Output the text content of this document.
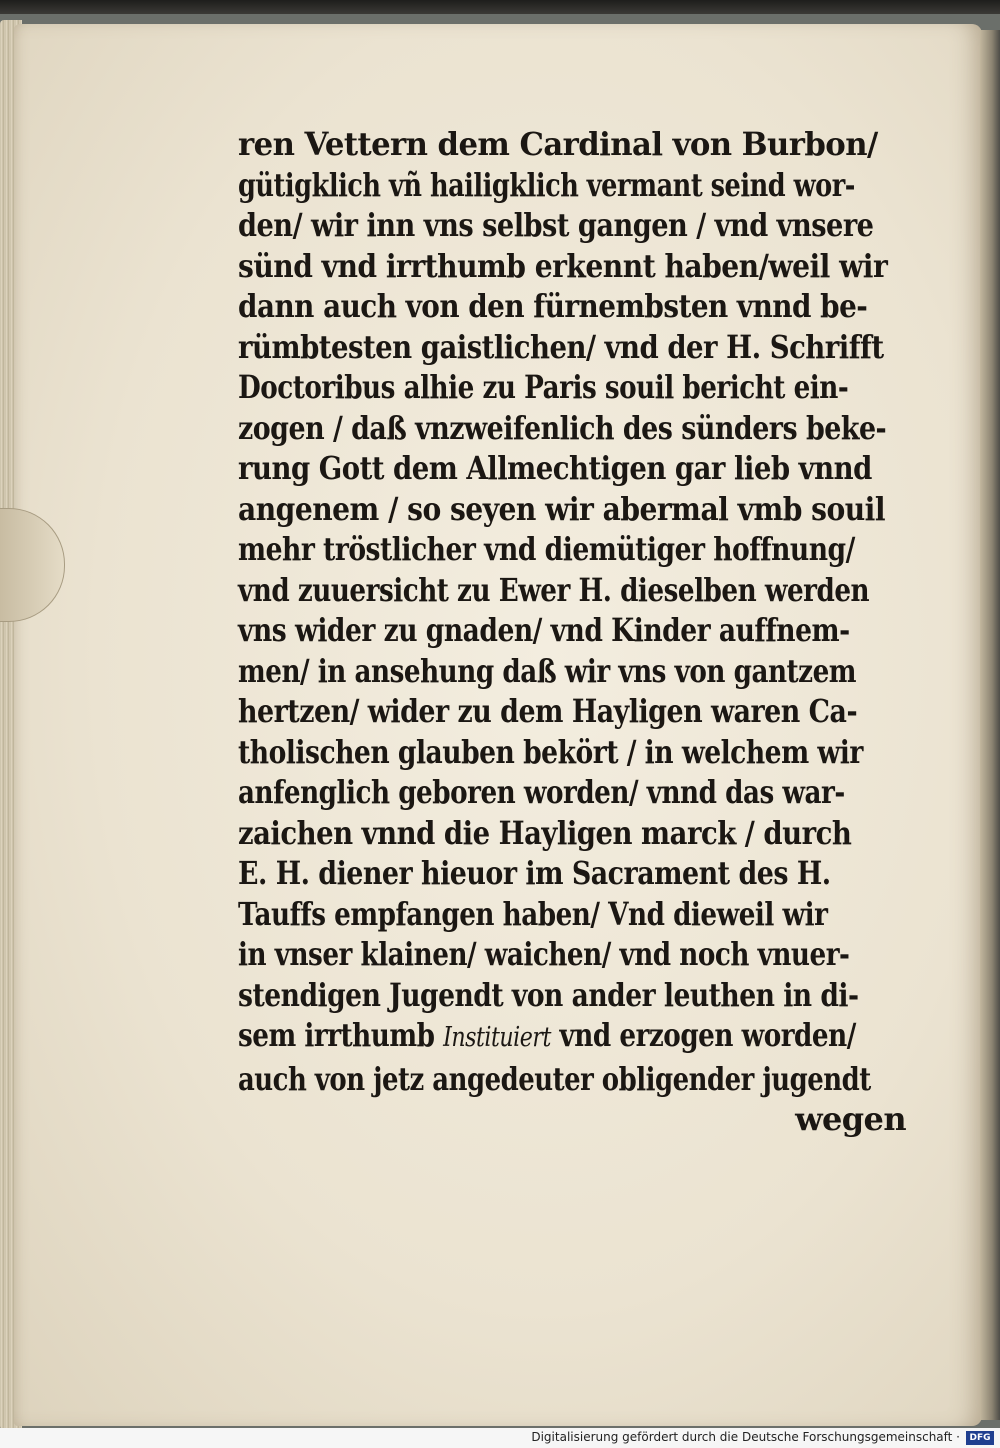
ren Vettern dem Cardinal von Burbon/
gütigklich vñ hailigklich vermant seind wor-
den/ wir inn vns selbst gangen / vnd vnsere
sünd vnd irrthumb erkennt haben/weil wir
dann auch von den fürnembsten vnnd be-
rümbtesten gaistlichen/ vnd der H. Schrifft
Doctoribus alhie zu Paris souil bericht ein-
zogen / daß vnzweifenlich des sünders beke-
rung Gott dem Allmechtigen gar lieb vnnd
angenem / so seyen wir abermal vmb souil
mehr tröstlicher vnd diemütiger hoffnung/
vnd zuuersicht zu Ewer H. dieselben werden
vns wider zu gnaden/ vnd Kinder auffnem-
men/ in ansehung daß wir vns von gantzem
hertzen/ wider zu dem Hayligen waren Ca-
tholischen glauben bekört / in welchem wir
anfenglich geboren worden/ vnnd das war-
zaichen vnnd die Hayligen marck / durch
E. H. diener hieuor im Sacrament des H.
Tauffs empfangen haben/ Vnd dieweil wir
in vnser klainen/ waichen/ vnd noch vnuer-
stendigen Jugendt von ander leuthen in di-
sem irrthumb Instituiert vnd erzogen worden/
auch von jetz angedeuter obligender jugendt
wegen
Digitalisierung gefördert durch die Deutsche Forschungsgemeinschaft ·	DFG
